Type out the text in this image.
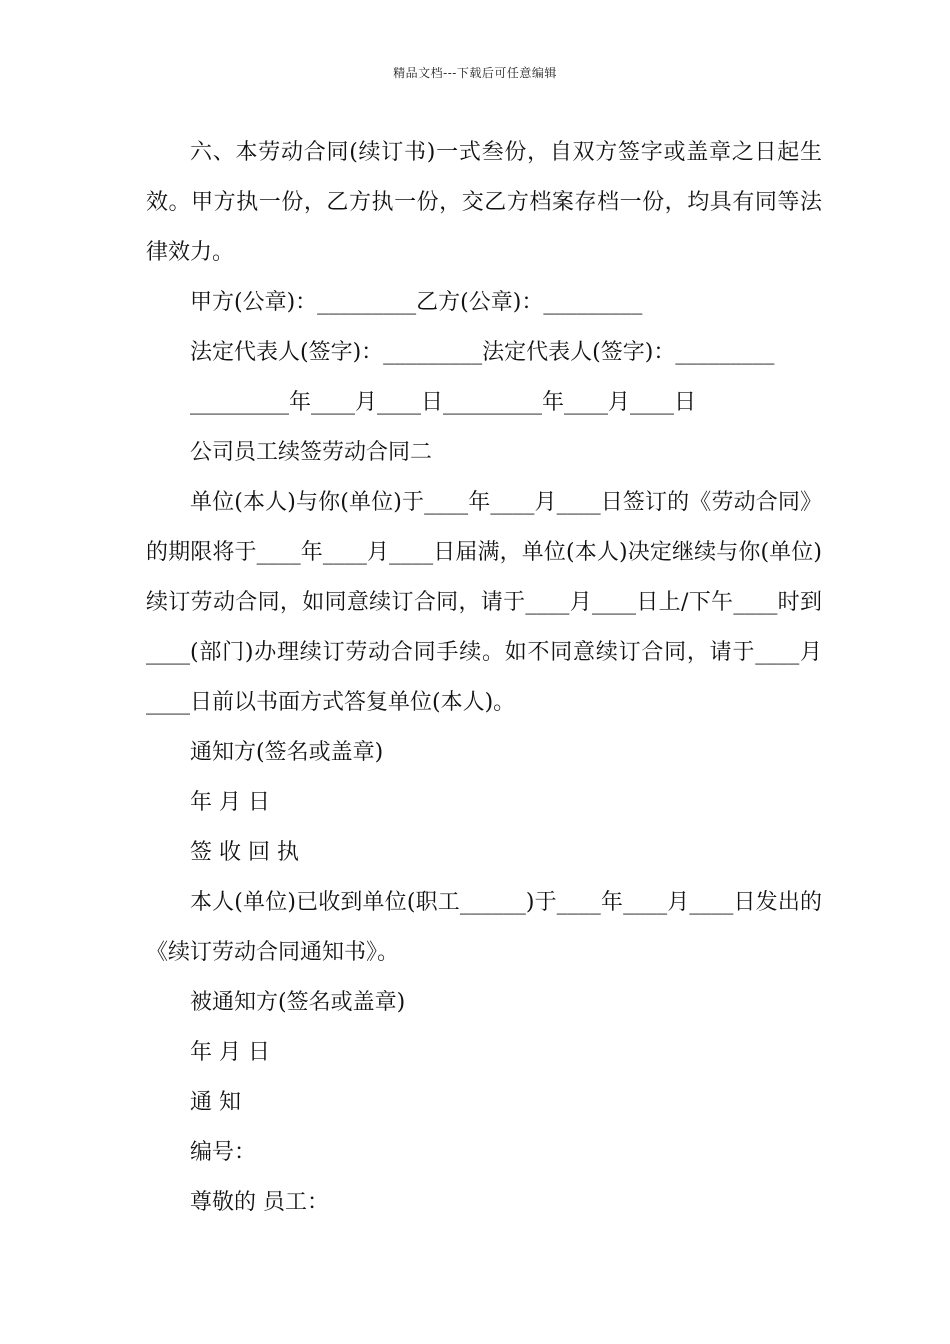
精品文档---下载后可任意编辑

六、本劳动合同(续订书)一式叁份，自双方签字或盖章之日起生效。甲方执一份，乙方执一份，交乙方档案存档一份，均具有同等法律效力。

甲方(公章)：_________乙方(公章)：_________

法定代表人(签字)：_________法定代表人(签字)：_________

_________年____月____日_________年____月____日

公司员工续签劳动合同二

单位(本人)与你(单位)于____年____月____日签订的《劳动合同》的期限将于____年____月____日届满，单位(本人)决定继续与你(单位)续订劳动合同，如同意续订合同，请于____月____日上/下午____时到____(部门)办理续订劳动合同手续。如不同意续订合同，请于____月____日前以书面方式答复单位(本人)。

通知方(签名或盖章)

年 月 日

签 收 回 执

本人(单位)已收到单位(职工______)于____年____月____日发出的《续订劳动合同通知书》。

被通知方(签名或盖章)

年 月 日

通 知

编号：

尊敬的 员工：
